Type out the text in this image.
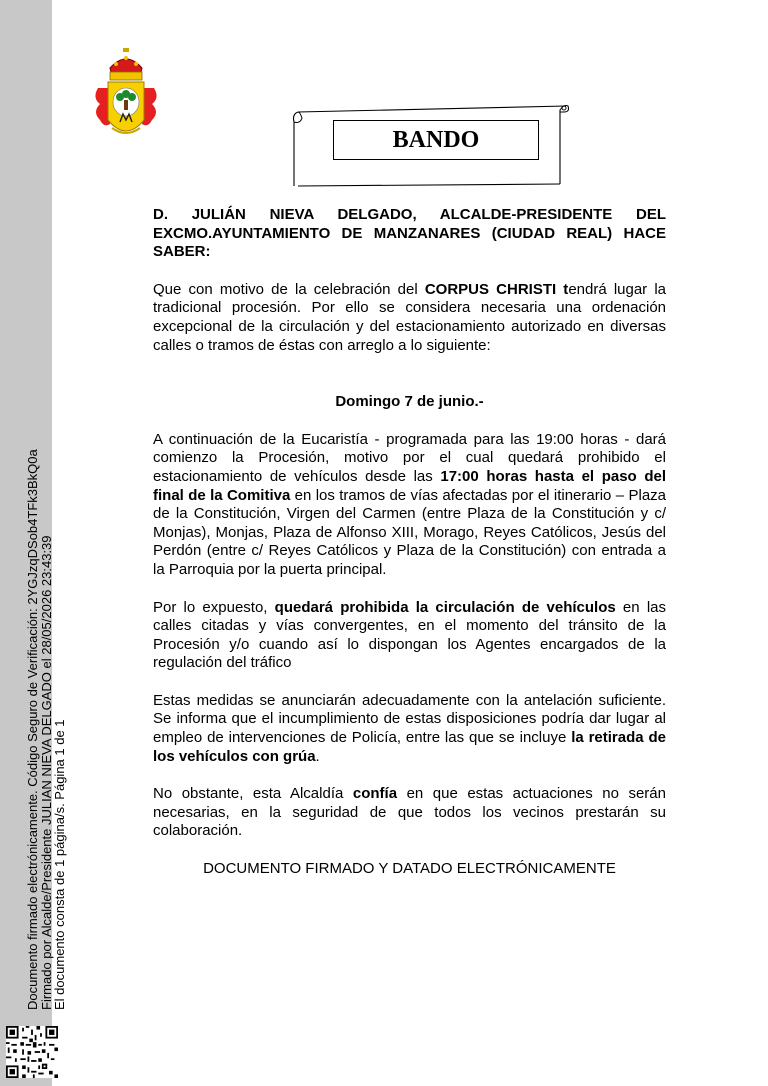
Documento firmado electrónicamente. Código Seguro de Verificación: 2YGJzqDSob4TFk3BkQ0a
Firmado por Alcalde/Presidente JULIAN NIEVA DELGADO el 28/05/2026 23:43:39
El documento consta de 1 página/s. Página 1 de 1
BANDO

D. JULIÁN NIEVA DELGADO, ALCALDE-PRESIDENTE DEL
EXCMO.AYUNTAMIENTO DE MANZANARES (CIUDAD REAL) HACE SABER:

Que con motivo de la celebración del CORPUS CHRISTI tendrá lugar la tradicional procesión. Por ello se considera necesaria una ordenación excepcional de la circulación y del estacionamiento autorizado en diversas calles o tramos de éstas con arreglo a lo siguiente:

Domingo 7 de junio.-

A continuación de la Eucaristía - programada para las 19:00 horas - dará comienzo la Procesión, motivo por el cual quedará prohibido el estacionamiento de vehículos desde las 17:00 horas hasta el paso del final de la Comitiva en los tramos de vías afectadas por el itinerario – Plaza de la Constitución, Virgen del Carmen (entre Plaza de la Constitución y c/ Monjas), Monjas, Plaza de Alfonso XIII, Morago, Reyes Católicos, Jesús del Perdón (entre c/ Reyes Católicos y Plaza de la Constitución) con entrada a la Parroquia por la puerta principal.

Por lo expuesto, quedará prohibida la circulación de vehículos en las calles citadas y vías convergentes, en el momento del tránsito de la Procesión y/o cuando así lo dispongan los Agentes encargados de la regulación del tráfico

Estas medidas se anunciarán adecuadamente con la antelación suficiente. Se informa que el incumplimiento de estas disposiciones podría dar lugar al empleo de intervenciones de Policía, entre las que se incluye la retirada de los vehículos con grúa.

No obstante, esta Alcaldía confía en que estas actuaciones no serán necesarias, en la seguridad de que todos los vecinos prestarán su colaboración.

DOCUMENTO FIRMADO Y DATADO ELECTRÓNICAMENTE
